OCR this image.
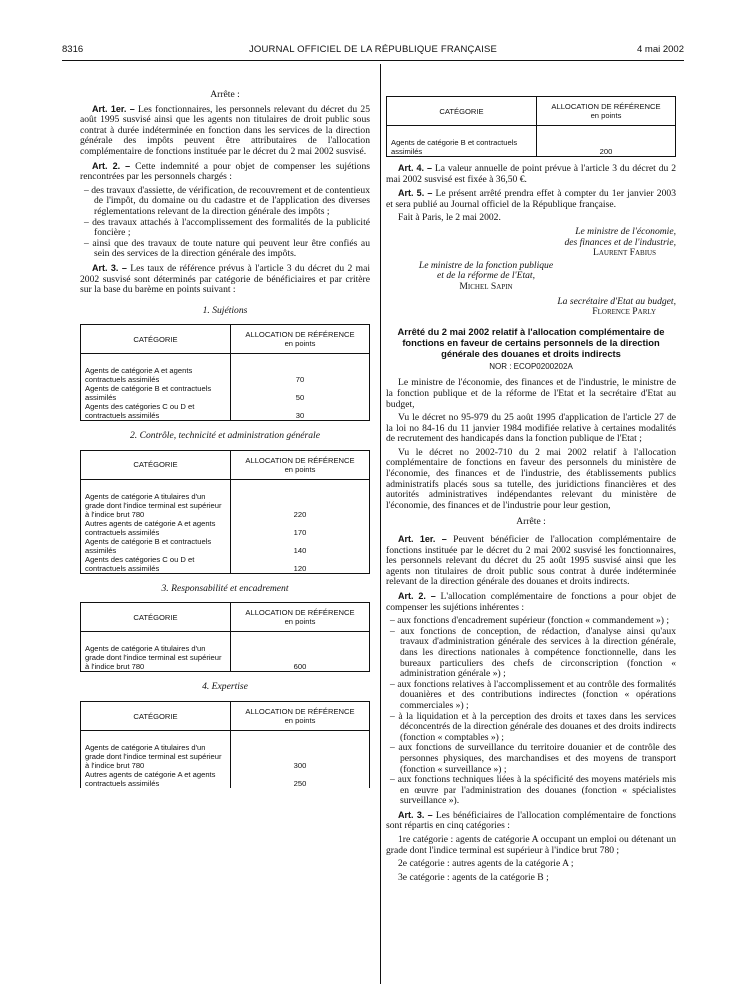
8316	JOURNAL OFFICIEL DE LA RÉPUBLIQUE FRANÇAISE	4 mai 2002

Arrête :

Art. 1er. – Les fonctionnaires, les personnels relevant du décret du 25 août 1995 susvisé ainsi que les agents non titulaires de droit public sous contrat à durée indéterminée en fonction dans les services de la direction générale des impôts peuvent être attributaires de l'allocation complémentaire de fonctions instituée par le décret du 2 mai 2002 susvisé.

Art. 2. – Cette indemnité a pour objet de compenser les sujétions rencontrées par les personnels chargés :

– des travaux d'assiette, de vérification, de recouvrement et de contentieux de l'impôt, du domaine ou du cadastre et de l'application des diverses réglementations relevant de la direction générale des impôts ;

– des travaux attachés à l'accomplissement des formalités de la publicité foncière ;

– ainsi que des travaux de toute nature qui peuvent leur être confiés au sein des services de la direction générale des impôts.

Art. 3. – Les taux de référence prévus à l'article 3 du décret du 2 mai 2002 susvisé sont déterminés par catégorie de bénéficiaires et par critère sur la base du barème en points suivant :

1. Sujétions

CATÉGORIE	ALLOCATION DE RÉFÉRENCE
en points

Agents de catégorie A et agents contractuels assimilés	70
Agents de catégorie B et contractuels assimilés	50
Agents des catégories C ou D et contractuels assimilés	30

2. Contrôle, technicité et administration générale

CATÉGORIE	ALLOCATION DE RÉFÉRENCE
en points

Agents de catégorie A titulaires d'un grade dont l'indice terminal est supérieur à l'indice brut 780	220
Autres agents de catégorie A et agents contractuels assimilés	170
Agents de catégorie B et contractuels assimilés	140
Agents des catégories C ou D et contractuels assimilés	120

3. Responsabilité et encadrement

CATÉGORIE	ALLOCATION DE RÉFÉRENCE
en points

Agents de catégorie A titulaires d'un grade dont l'indice terminal est supérieur à l'indice brut 780	600

4. Expertise

CATÉGORIE	ALLOCATION DE RÉFÉRENCE
en points

Agents de catégorie A titulaires d'un grade dont l'indice terminal est supérieur à l'indice brut 780	300
Autres agents de catégorie A et agents contractuels assimilés	250
CATÉGORIE	ALLOCATION DE RÉFÉRENCE
en points

Agents de catégorie B et contractuels assimilés	200

Art. 4. – La valeur annuelle de point prévue à l'article 3 du décret du 2 mai 2002 susvisé est fixée à 36,50 €.

Art. 5. – Le présent arrêté prendra effet à compter du 1er janvier 2003 et sera publié au Journal officiel de la République française.

Fait à Paris, le 2 mai 2002.

Le ministre de l'économie,
des finances et de l'industrie,
Laurent Fabius
Le ministre de la fonction publique
et de la réforme de l'Etat,
Michel Sapin
La secrétaire d'Etat au budget,
Florence Parly
Arrêté du 2 mai 2002 relatif à l'allocation complémentaire de fonctions en faveur de certains personnels de la direction générale des douanes et droits indirects
NOR : ECOP0200202A

Le ministre de l'économie, des finances et de l'industrie, le ministre de la fonction publique et de la réforme de l'Etat et la secrétaire d'Etat au budget,

Vu le décret no 95-979 du 25 août 1995 d'application de l'article 27 de la loi no 84-16 du 11 janvier 1984 modifiée relative à certaines modalités de recrutement des handicapés dans la fonction publique de l'Etat ;

Vu le décret no 2002-710 du 2 mai 2002 relatif à l'allocation complémentaire de fonctions en faveur des personnels du ministère de l'économie, des finances et de l'industrie, des établissements publics administratifs placés sous sa tutelle, des juridictions financières et des autorités administratives indépendantes relevant du ministère de l'économie, des finances et de l'industrie pour leur gestion,

Arrête :

Art. 1er. – Peuvent bénéficier de l'allocation complémentaire de fonctions instituée par le décret du 2 mai 2002 susvisé les fonctionnaires, les personnels relevant du décret du 25 août 1995 susvisé ainsi que les agents non titulaires de droit public sous contrat à durée indéterminée relevant de la direction générale des douanes et droits indirects.

Art. 2. – L'allocation complémentaire de fonctions a pour objet de compenser les sujétions inhérentes :

– aux fonctions d'encadrement supérieur (fonction « commandement ») ;

– aux fonctions de conception, de rédaction, d'analyse ainsi qu'aux travaux d'administration générale des services à la direction générale, dans les directions nationales à compétence fonctionnelle, dans les bureaux particuliers des chefs de circonscription (fonction « administration générale ») ;

– aux fonctions relatives à l'accomplissement et au contrôle des formalités douanières et des contributions indirectes (fonction « opérations commerciales ») ;

– à la liquidation et à la perception des droits et taxes dans les services déconcentrés de la direction générale des douanes et des droits indirects (fonction « comptables ») ;

– aux fonctions de surveillance du territoire douanier et de contrôle des personnes physiques, des marchandises et des moyens de transport (fonction « surveillance ») ;

– aux fonctions techniques liées à la spécificité des moyens matériels mis en œuvre par l'administration des douanes (fonction « spécialistes surveillance »).

Art. 3. – Les bénéficiaires de l'allocation complémentaire de fonctions sont répartis en cinq catégories :

1re catégorie : agents de catégorie A occupant un emploi ou détenant un grade dont l'indice terminal est supérieur à l'indice brut 780 ;

2e catégorie : autres agents de la catégorie A ;

3e catégorie : agents de la catégorie B ;
